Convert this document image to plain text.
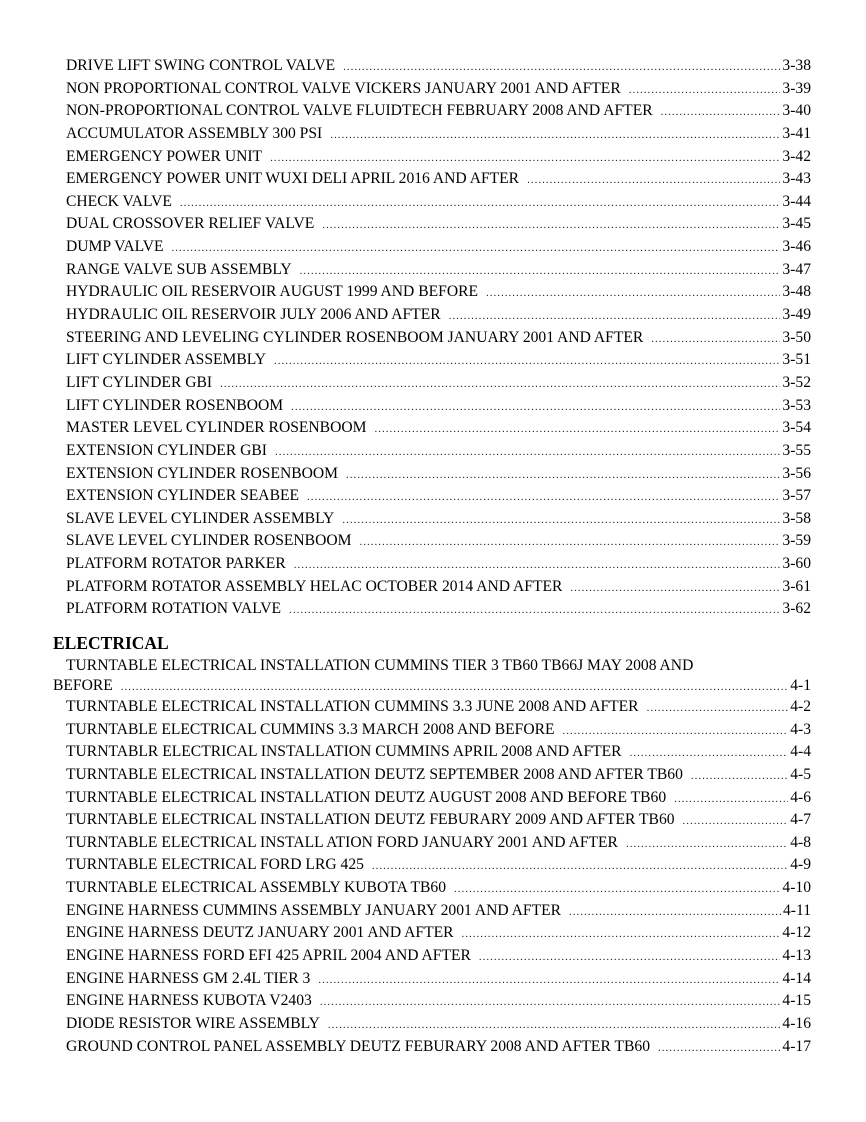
DRIVE LIFT SWING CONTROL VALVE .....	3-38
NON PROPORTIONAL CONTROL VALVE VICKERS JANUARY 2001 AND AFTER .....	3-39
NON-PROPORTIONAL CONTROL VALVE FLUIDTECH FEBRUARY 2008 AND AFTER .....	3-40
ACCUMULATOR ASSEMBLY 300 PSI .....	3-41
EMERGENCY POWER UNIT .....	3-42
EMERGENCY POWER UNIT WUXI DELI APRIL 2016 AND AFTER .....	3-43
CHECK VALVE .....	3-44
DUAL CROSSOVER RELIEF VALVE .....	3-45
DUMP VALVE .....	3-46
RANGE VALVE SUB ASSEMBLY .....	3-47
HYDRAULIC OIL RESERVOIR AUGUST 1999 AND BEFORE .....	3-48
HYDRAULIC OIL RESERVOIR JULY 2006 AND AFTER .....	3-49
STEERING AND LEVELING CYLINDER ROSENBOOM JANUARY 2001 AND AFTER .....	3-50
LIFT CYLINDER ASSEMBLY .....	3-51
LIFT CYLINDER GBI .....	3-52
LIFT CYLINDER ROSENBOOM .....	3-53
MASTER LEVEL CYLINDER ROSENBOOM .....	3-54
EXTENSION CYLINDER GBI .....	3-55
EXTENSION CYLINDER ROSENBOOM .....	3-56
EXTENSION CYLINDER SEABEE .....	3-57
SLAVE LEVEL CYLINDER ASSEMBLY .....	3-58
SLAVE LEVEL CYLINDER ROSENBOOM .....	3-59
PLATFORM ROTATOR PARKER .....	3-60
PLATFORM ROTATOR ASSEMBLY HELAC OCTOBER 2014 AND AFTER .....	3-61
PLATFORM ROTATION VALVE .....	3-62
ELECTRICAL
TURNTABLE ELECTRICAL INSTALLATION CUMMINS TIER 3 TB60 TB66J MAY 2008 AND
BEFORE .....	4-1
TURNTABLE ELECTRICAL INSTALLATION CUMMINS 3.3 JUNE 2008 AND AFTER .....	4-2
TURNTABLE ELECTRICAL CUMMINS 3.3 MARCH 2008 AND BEFORE .....	4-3
TURNTABLR ELECTRICAL INSTALLATION CUMMINS APRIL 2008 AND AFTER .....	4-4
TURNTABLE ELECTRICAL INSTALLATION DEUTZ SEPTEMBER 2008 AND AFTER TB60 .....	4-5
TURNTABLE ELECTRICAL INSTALLATION DEUTZ AUGUST 2008 AND BEFORE TB60 .....	4-6
TURNTABLE ELECTRICAL INSTALLATION DEUTZ FEBURARY 2009 AND AFTER TB60 .....	4-7
TURNTABLE ELECTRICAL INSTALL ATION FORD JANUARY 2001 AND AFTER .....	4-8
TURNTABLE ELECTRICAL FORD LRG 425 .....	4-9
TURNTABLE ELECTRICAL ASSEMBLY KUBOTA TB60 .....	4-10
ENGINE HARNESS CUMMINS ASSEMBLY JANUARY 2001 AND AFTER .....	4-11
ENGINE HARNESS DEUTZ JANUARY 2001 AND AFTER .....	4-12
ENGINE HARNESS FORD EFI 425 APRIL 2004 AND AFTER .....	4-13
ENGINE HARNESS GM 2.4L TIER 3 .....	4-14
ENGINE HARNESS KUBOTA V2403 .....	4-15
DIODE RESISTOR WIRE ASSEMBLY .....	4-16
GROUND CONTROL PANEL ASSEMBLY DEUTZ FEBURARY 2008 AND AFTER TB60 .....	4-17
